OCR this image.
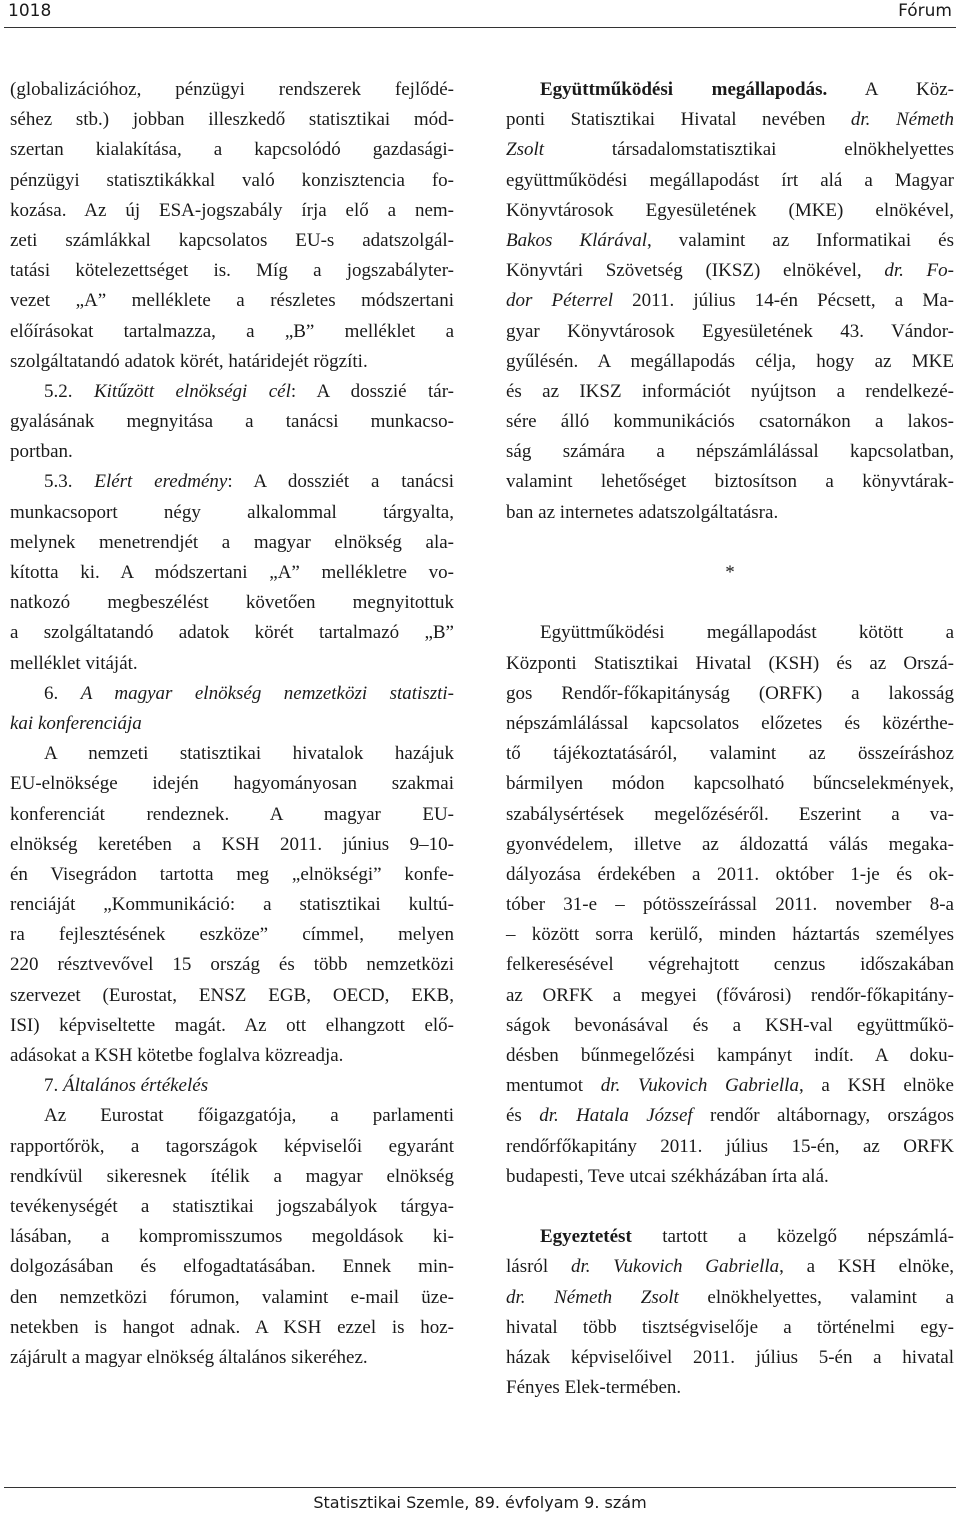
1018	Fórum
(globalizációhoz, pénzügyi rendszerek fejlődé-
séhez stb.) jobban illeszkedő statisztikai mód-
szertan kialakítása, a kapcsolódó gazdasági-
pénzügyi statisztikákkal való konzisztencia fo-
kozása. Az új ESA-jogszabály írja elő a nem-
zeti számlákkal kapcsolatos EU-s adatszolgál-
tatási kötelezettséget is. Míg a jogszabályter-
vezet „A” melléklete a részletes módszertani
előírásokat tartalmazza, a „B” melléklet a
szolgáltatandó adatok körét, határidejét rögzíti.
5.2. Kitűzött elnökségi cél: A dosszié tár-
gyalásának megnyitása a tanácsi munkacso-
portban.
5.3. Elért eredmény: A dossziét a tanácsi
munkacsoport négy alkalommal tárgyalta,
melynek menetrendjét a magyar elnökség ala-
kította ki. A módszertani „A” mellékletre vo-
natkozó megbeszélést követően megnyitottuk
a szolgáltatandó adatok körét tartalmazó „B”
melléklet vitáját.
6. A magyar elnökség nemzetközi statiszti-
kai konferenciája
A nemzeti statisztikai hivatalok hazájuk
EU-elnöksége idején hagyományosan szakmai
konferenciát rendeznek. A magyar EU-
elnökség keretében a KSH 2011. június 9–10-
én Visegrádon tartotta meg „elnökségi” konfe-
renciáját „Kommunikáció: a statisztikai kultú-
ra fejlesztésének eszköze” címmel, melyen
220 résztvevővel 15 ország és több nemzetközi
szervezet (Eurostat, ENSZ EGB, OECD, EKB,
ISI) képviseltette magát. Az ott elhangzott elő-
adásokat a KSH kötetbe foglalva közreadja.
7. Általános értékelés
Az Eurostat főigazgatója, a parlamenti
rapportőrök, a tagországok képviselői egyaránt
rendkívül sikeresnek ítélik a magyar elnökség
tevékenységét a statisztikai jogszabályok tárgya-
lásában, a kompromisszumos megoldások ki-
dolgozásában és elfogadtatásában. Ennek min-
den nemzetközi fórumon, valamint e-mail üze-
netekben is hangot adnak. A KSH ezzel is hoz-
zájárult a magyar elnökség általános sikeréhez.
Együttműködési megállapodás. A Köz-
ponti Statisztikai Hivatal nevében dr. Németh
Zsolt társadalomstatisztikai elnökhelyettes
együttműködési megállapodást írt alá a Magyar
Könyvtárosok Egyesületének (MKE) elnökével,
Bakos Klárával, valamint az Informatikai és
Könyvtári Szövetség (IKSZ) elnökével, dr. Fo-
dor Péterrel 2011. július 14-én Pécsett, a Ma-
gyar Könyvtárosok Egyesületének 43. Vándor-
gyűlésén. A megállapodás célja, hogy az MKE
és az IKSZ információt nyújtson a rendelkezé-
sére álló kommunikációs csatornákon a lakos-
ság számára a népszámlálással kapcsolatban,
valamint lehetőséget biztosítson a könyvtárak-
ban az internetes adatszolgáltatásra.
*
Együttműködési megállapodást kötött a
Központi Statisztikai Hivatal (KSH) és az Orszá-
gos Rendőr-főkapitányság (ORFK) a lakosság
népszámlálással kapcsolatos előzetes és közérthe-
tő tájékoztatásáról, valamint az összeíráshoz
bármilyen módon kapcsolható bűncselekmények,
szabálysértések megelőzéséről. Eszerint a va-
gyonvédelem, illetve az áldozattá válás megaka-
dályozása érdekében a 2011. október 1-je és ok-
tóber 31-e – pótösszeírással 2011. november 8-a
– között sorra kerülő, minden háztartás személyes
felkeresésével végrehajtott cenzus időszakában
az ORFK a megyei (fővárosi) rendőr-főkapitány-
ságok bevonásával és a KSH-val együttműkö-
désben bűnmegelőzési kampányt indít. A doku-
mentumot dr. Vukovich Gabriella, a KSH elnöke
és dr. Hatala József rendőr altábornagy, országos
rendőrfőkapitány 2011. július 15-én, az ORFK
budapesti, Teve utcai székházában írta alá.
Egyeztetést tartott a közelgő népszámlá-
lásról dr. Vukovich Gabriella, a KSH elnöke,
dr. Németh Zsolt elnökhelyettes, valamint a
hivatal több tisztségviselője a történelmi egy-
házak képviselőivel 2011. július 5-én a hivatal
Fényes Elek-termében.
Statisztikai Szemle, 89. évfolyam 9. szám
